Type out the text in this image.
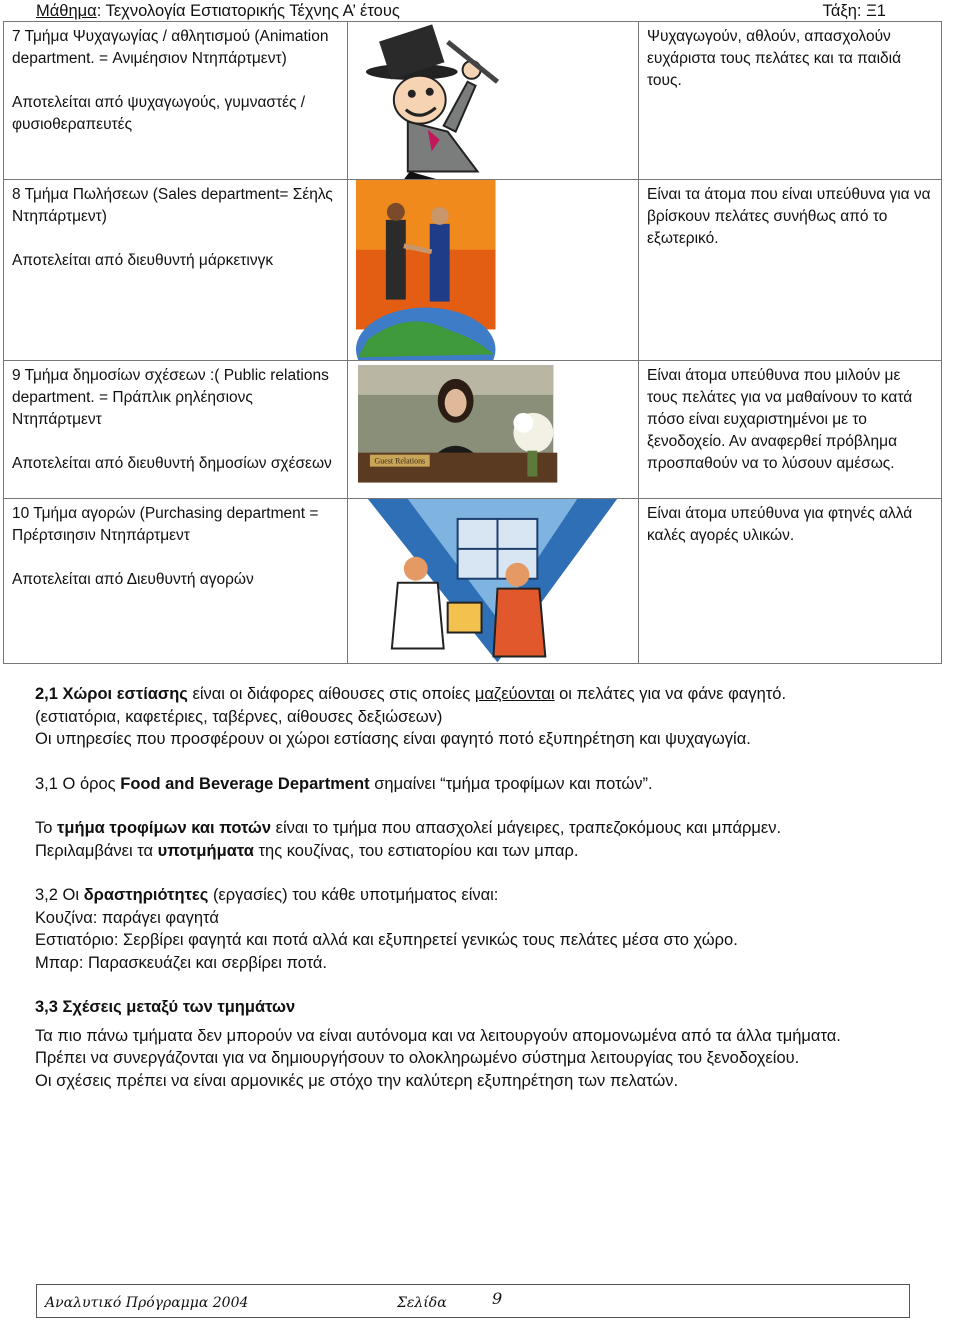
Μάθημα: Τεχνολογία Εστιατορικής Τέχνης Α’ έτους	Τάξη: Ξ1
7 Τμήμα Ψυχαγωγίας / αθλητισμού (Animation department. = Ανιμέησιον Ντηπάρτμεντ)
Αποτελείται από ψυχαγωγούς, γυμναστές / φυσιοθεραπευτές		Ψυχαγωγούν, αθλούν, απασχολούν ευχάριστα τους πελάτες και τα παιδιά τους.

8 Τμήμα Πωλήσεων (Sales department= Σέηλς Ντηπάρτμεντ)
Αποτελείται από διευθυντή μάρκετινγκ		Είναι τα άτομα που είναι υπεύθυνα για να βρίσκουν πελάτες συνήθως από το εξωτερικό.

9 Τμήμα δημοσίων σχέσεων :( Public relations department. = Πράπλικ ρηλέησιονς Ντηπάρτμεντ
Αποτελείται από διευθυντή δημοσίων σχέσεων	Guest Relations	Είναι άτομα υπεύθυνα που μιλούν με τους πελάτες για να μαθαίνουν το κατά πόσο είναι ευχαριστημένοι με το ξενοδοχείο. Αν αναφερθεί πρόβλημα προσπαθούν να το λύσουν αμέσως.

10 Τμήμα αγορών (Purchasing department = Πρέρτσιησιν Ντηπάρτμεντ
Αποτελείται από Διευθυντή αγορών		Είναι άτομα υπεύθυνα για φτηνές αλλά καλές αγορές υλικών.

2,1 Χώροι εστίασης είναι οι διάφορες αίθουσες στις οποίες μαζεύονται οι πελάτες για να φάνε φαγητό.
(εστιατόρια, καφετέριες, ταβέρνες, αίθουσες δεξιώσεων)
Οι υπηρεσίες που προσφέρουν οι χώροι εστίασης είναι φαγητό ποτό εξυπηρέτηση και ψυχαγωγία.

3,1 Ο όρος Food and Beverage Department σημαίνει “τμήμα τροφίμων και ποτών”.

Το τμήμα τροφίμων και ποτών είναι το τμήμα που απασχολεί μάγειρες, τραπεζοκόμους και μπάρμεν.
Περιλαμβάνει τα υποτμήματα της κουζίνας, του εστιατορίου και των μπαρ.

3,2 Οι δραστηριότητες (εργασίες) του κάθε υποτμήματος είναι:
Κουζίνα: παράγει φαγητά
Εστιατόριο: Σερβίρει φαγητά και ποτά αλλά και εξυπηρετεί γενικώς τους πελάτες μέσα στο χώρο.
Μπαρ: Παρασκευάζει και σερβίρει ποτά.

3,3 Σχέσεις μεταξύ των τμημάτων

Τα πιο πάνω τμήματα δεν μπορούν να είναι αυτόνομα και να λειτουργούν απομονωμένα από τα άλλα τμήματα.
Πρέπει να συνεργάζονται για να δημιουργήσουν το ολοκληρωμένο σύστημα λειτουργίας του ξενοδοχείου.
Οι σχέσεις πρέπει να είναι αρμονικές με στόχο την καλύτερη εξυπηρέτηση των πελατών.
Αναλυτικό Πρόγραμμα 2004	Σελίδα	9
